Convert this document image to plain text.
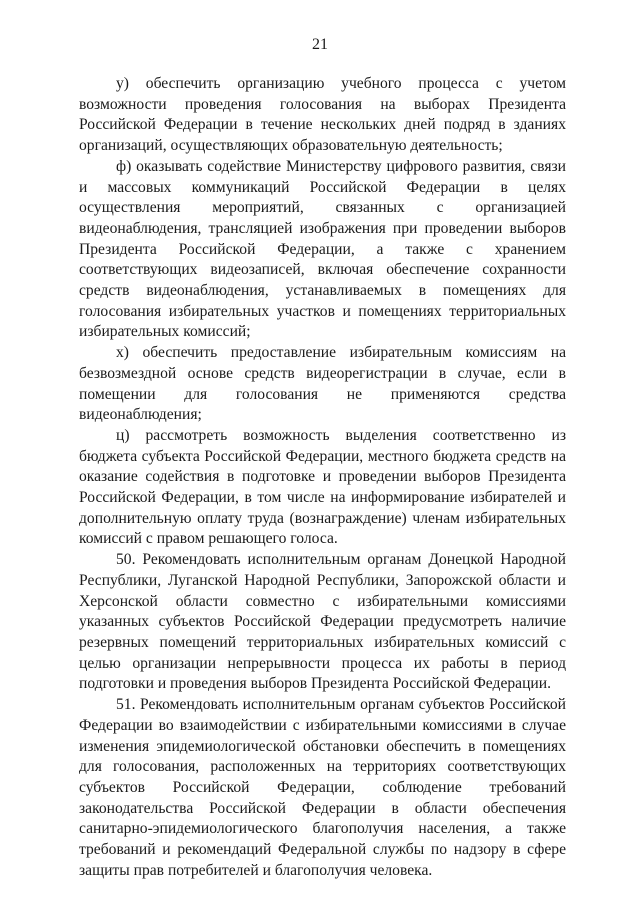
21

у) обеспечить организацию учебного процесса с учетом возможности проведения голосования на выборах Президента Российской Федерации в течение нескольких дней подряд в зданиях организаций, осуществляющих образовательную деятельность;

ф) оказывать содействие Министерству цифрового развития, связи и массовых коммуникаций Российской Федерации в целях осуществления мероприятий, связанных с организацией видеонаблюдения, трансляцией изображения при проведении выборов Президента Российской Федерации, а также с хранением соответствующих видеозаписей, включая обеспечение сохранности средств видеонаблюдения, устанавливаемых в помещениях для голосования избирательных участков и помещениях территориальных избирательных комиссий;

х) обеспечить предоставление избирательным комиссиям на безвозмездной основе средств видеорегистрации в случае, если в помещении для голосования не применяются средства видеонаблюдения;

ц) рассмотреть возможность выделения соответственно из бюджета субъекта Российской Федерации, местного бюджета средств на оказание содействия в подготовке и проведении выборов Президента Российской Федерации, в том числе на информирование избирателей и дополнительную оплату труда (вознаграждение) членам избирательных комиссий с правом решающего голоса.

50. Рекомендовать исполнительным органам Донецкой Народной Республики, Луганской Народной Республики, Запорожской области и Херсонской области совместно с избирательными комиссиями указанных субъектов Российской Федерации предусмотреть наличие резервных помещений территориальных избирательных комиссий с целью организации непрерывности процесса их работы в период подготовки и проведения выборов Президента Российской Федерации.

51. Рекомендовать исполнительным органам субъектов Российской Федерации во взаимодействии с избирательными комиссиями в случае изменения эпидемиологической обстановки обеспечить в помещениях для голосования, расположенных на территориях соответствующих субъектов Российской Федерации, соблюдение требований законодательства Российской Федерации в области обеспечения санитарно-эпидемиологического благополучия населения, а также требований и рекомендаций Федеральной службы по надзору в сфере защиты прав потребителей и благополучия человека.
